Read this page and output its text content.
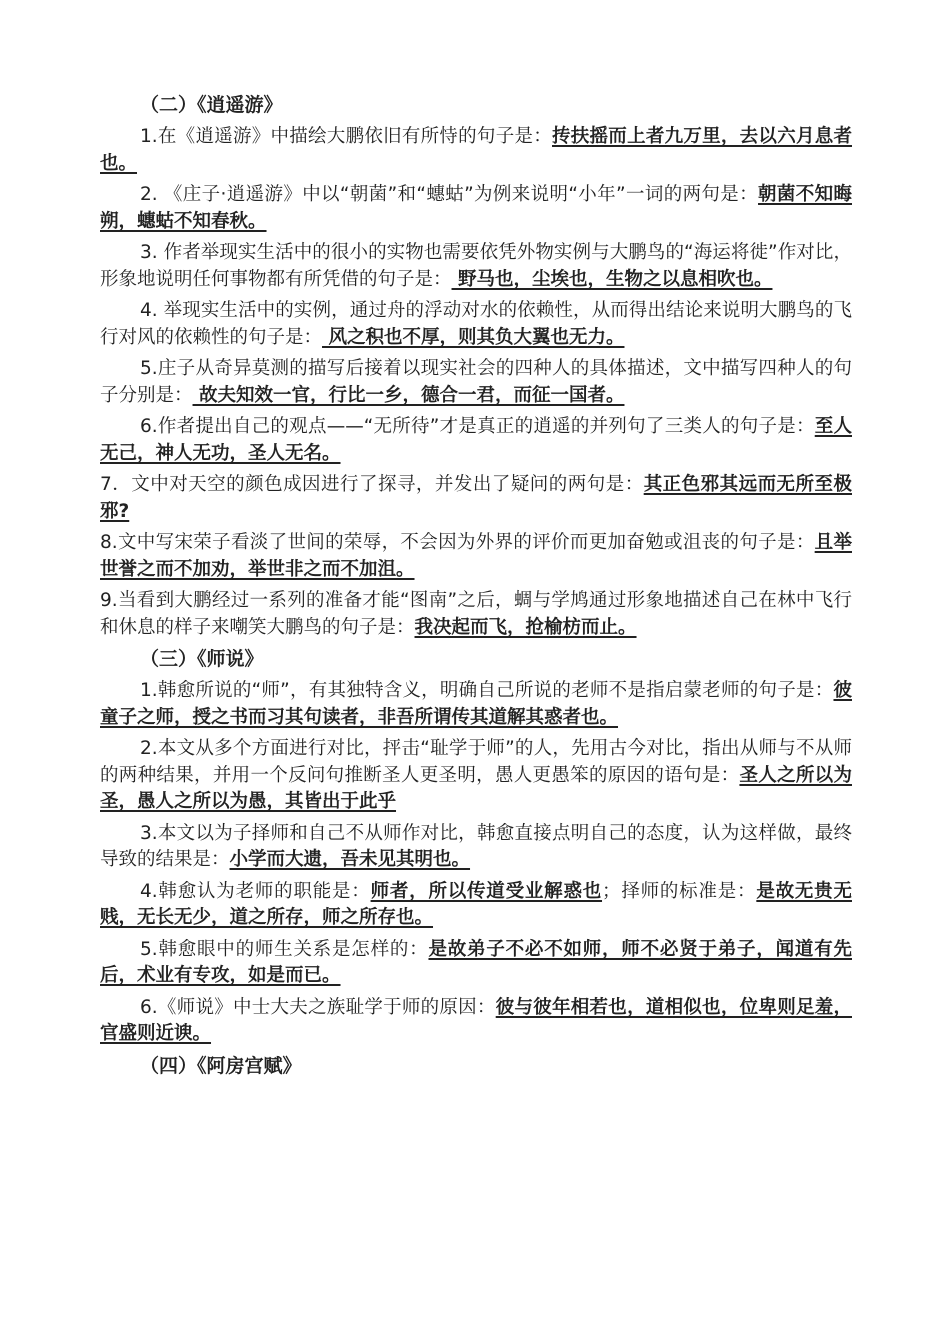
（二）《逍遥游》

1.在《逍遥游》中描绘大鹏依旧有所恃的句子是：抟扶摇而上者九万里，去以六月息者也。

2. 《庄子·逍遥游》中以“朝菌”和“蟪蛄”为例来说明“小年”一词的两句是：朝菌不知晦朔，蟪蛄不知春秋。

3. 作者举现实生活中的很小的实物也需要依凭外物实例与大鹏鸟的“海运将徙”作对比，形象地说明任何事物都有所凭借的句子是： 野马也，尘埃也，生物之以息相吹也。

4. 举现实生活中的实例，通过舟的浮动对水的依赖性，从而得出结论来说明大鹏鸟的飞行对风的依赖性的句子是： 风之积也不厚，则其负大翼也无力。

5.庄子从奇异莫测的描写后接着以现实社会的四种人的具体描述，文中描写四种人的句子分别是： 故夫知效一官，行比一乡，德合一君，而征一国者。

6.作者提出自己的观点——“无所待”才是真正的逍遥的并列句了三类人的句子是：至人无己，神人无功，圣人无名。

7．文中对天空的颜色成因进行了探寻，并发出了疑问的两句是：其正色邪其远而无所至极邪?

8.文中写宋荣子看淡了世间的荣辱，不会因为外界的评价而更加奋勉或沮丧的句子是：且举世誉之而不加劝，举世非之而不加沮。

9.当看到大鹏经过一系列的准备才能“图南”之后，蜩与学鸠通过形象地描述自己在林中飞行和休息的样子来嘲笑大鹏鸟的句子是：我决起而飞，抢榆枋而止。

（三）《师说》

1.韩愈所说的“师”，有其独特含义，明确自己所说的老师不是指启蒙老师的句子是：彼童子之师，授之书而习其句读者，非吾所谓传其道解其惑者也。

2.本文从多个方面进行对比，抨击“耻学于师”的人，先用古今对比，指出从师与不从师的两种结果，并用一个反问句推断圣人更圣明，愚人更愚笨的原因的语句是：圣人之所以为圣，愚人之所以为愚，其皆出于此乎

3.本文以为子择师和自己不从师作对比，韩愈直接点明自己的态度，认为这样做，最终导致的结果是：小学而大遗，吾未见其明也。

4.韩愈认为老师的职能是：师者，所以传道受业解惑也；择师的标准是：是故无贵无贱，无长无少，道之所存，师之所存也。

5.韩愈眼中的师生关系是怎样的：是故弟子不必不如师，师不必贤于弟子，闻道有先后，术业有专攻，如是而已。

6.《师说》中士大夫之族耻学于师的原因：彼与彼年相若也，道相似也，位卑则足羞，官盛则近谀。

（四）《阿房宫赋》
